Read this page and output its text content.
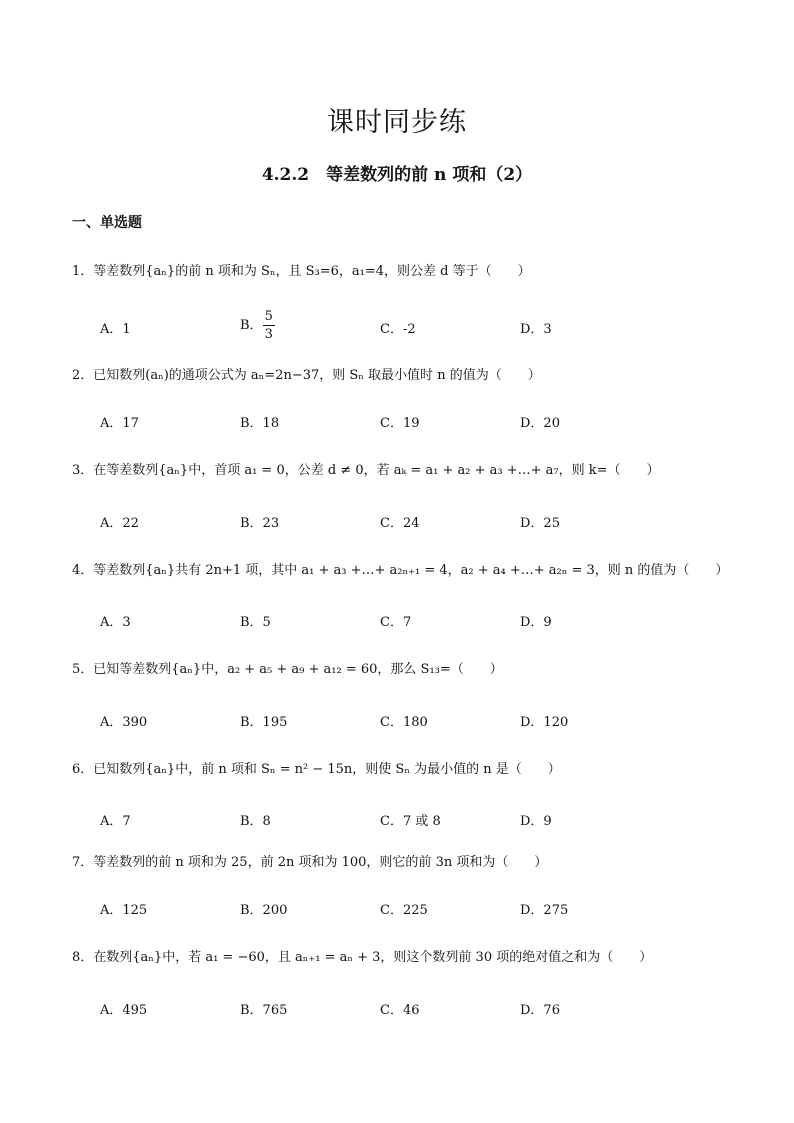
课时同步练
4.2.2　等差数列的前 n 项和（2）
一、单选题
1．等差数列{aₙ}的前 n 项和为 Sₙ，且 S₃=6，a₁=4，则公差 d 等于（　　）
A．1	B． $\frac{5}{3}$	C．-2	D．3
2．已知数列(aₙ)的通项公式为 aₙ=2n−37，则 Sₙ 取最小值时 n 的值为（　　）
A．17	B．18	C．19	D．20
3．在等差数列{aₙ}中，首项 a₁ = 0，公差 d ≠ 0，若 aₖ = a₁ + a₂ + a₃ +…+ a₇，则 k=（　　）
A．22	B．23	C．24	D．25
4．等差数列{aₙ}共有 2n+1 项，其中 a₁ + a₃ +…+ a₂ₙ₊₁ = 4，a₂ + a₄ +…+ a₂ₙ = 3，则 n 的值为（　　）
A．3	B．5	C．7	D．9
5．已知等差数列{aₙ}中，a₂ + a₅ + a₉ + a₁₂ = 60，那么 S₁₃=（　　）
A．390	B．195	C．180	D．120
6．已知数列{aₙ}中，前 n 项和 Sₙ = n² − 15n，则使 Sₙ 为最小值的 n 是（　　）
A．7	B．8	C．7 或 8	D．9
7．等差数列的前 n 项和为 25，前 2n 项和为 100，则它的前 3n 项和为（　　）
A．125	B．200	C．225	D．275
8．在数列{aₙ}中，若 a₁ = −60，且 aₙ₊₁ = aₙ + 3，则这个数列前 30 项的绝对值之和为（　　）
A．495	B．765	C．46	D．76
